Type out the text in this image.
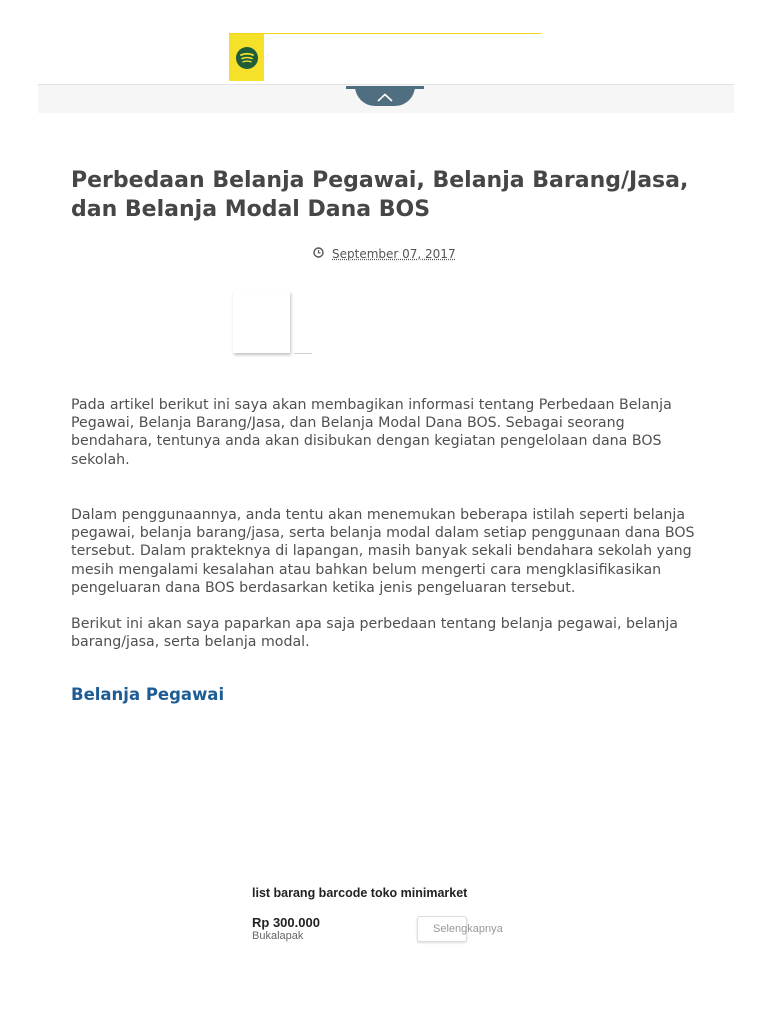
Perbedaan Belanja Pegawai, Belanja Barang/Jasa, dan Belanja Modal Dana BOS
September 07, 2017

Pada artikel berikut ini saya akan membagikan informasi tentang Perbedaan Belanja Pegawai, Belanja Barang/Jasa, dan Belanja Modal Dana BOS. Sebagai seorang bendahara, tentunya anda akan disibukan dengan kegiatan pengelolaan dana BOS sekolah.

Dalam penggunaannya, anda tentu akan menemukan beberapa istilah seperti belanja pegawai, belanja barang/jasa, serta belanja modal dalam setiap penggunaan dana BOS tersebut. Dalam prakteknya di lapangan, masih banyak sekali bendahara sekolah yang mesih mengalami kesalahan atau bahkan belum mengerti cara mengklasifikasikan pengeluaran dana BOS berdasarkan ketika jenis pengeluaran tersebut.

Berikut ini akan saya paparkan apa saja perbedaan tentang belanja pegawai, belanja barang/jasa, serta belanja modal.

Belanja Pegawai
list barang barcode toko minimarket
Rp 300.000
Bukalapak
Selengkapnya
